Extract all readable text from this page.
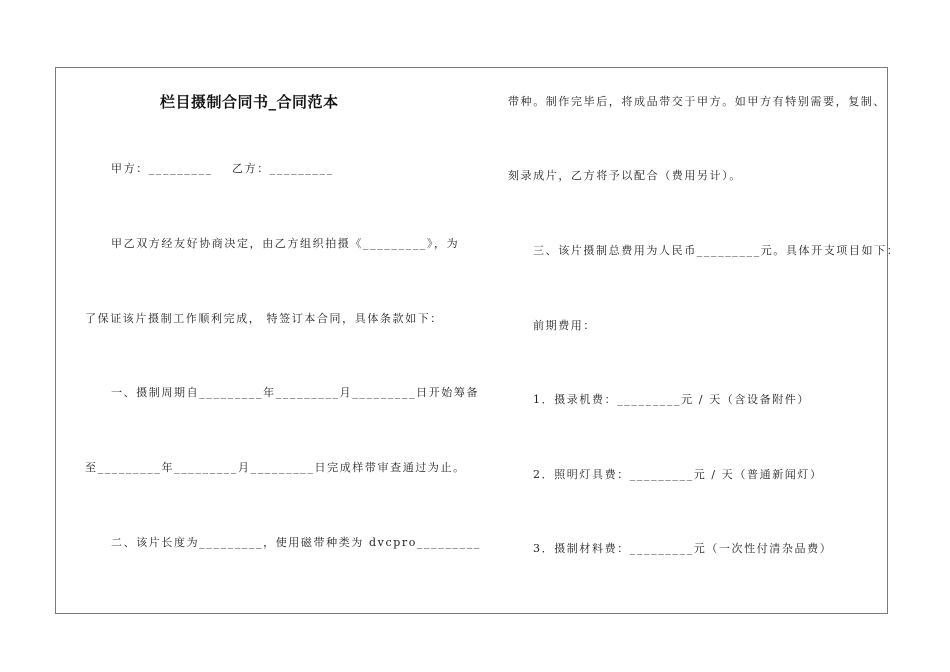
栏目摄制合同书_合同范本
甲方：_________ 乙方：_________
甲乙双方经友好协商决定，由乙方组织拍摄《_________》，为
了保证该片摄制工作顺利完成， 特签订本合同，具体条款如下：
一、摄制周期自_________年_________月_________日开始筹备
至_________年_________月_________日完成样带审查通过为止。
二、该片长度为_________，使用磁带种类为 dvcpro_________
带种。制作完毕后，将成品带交于甲方。如甲方有特别需要，复制、
刻录成片，乙方将予以配合（费用另计）。
三、该片摄制总费用为人民币_________元。具体开支项目如下：
前期费用：
1．摄录机费：_________元 / 天（含设备附件）
2．照明灯具费：_________元 / 天（普通新闻灯）
3．摄制材料费：_________元（一次性付清杂品费）
